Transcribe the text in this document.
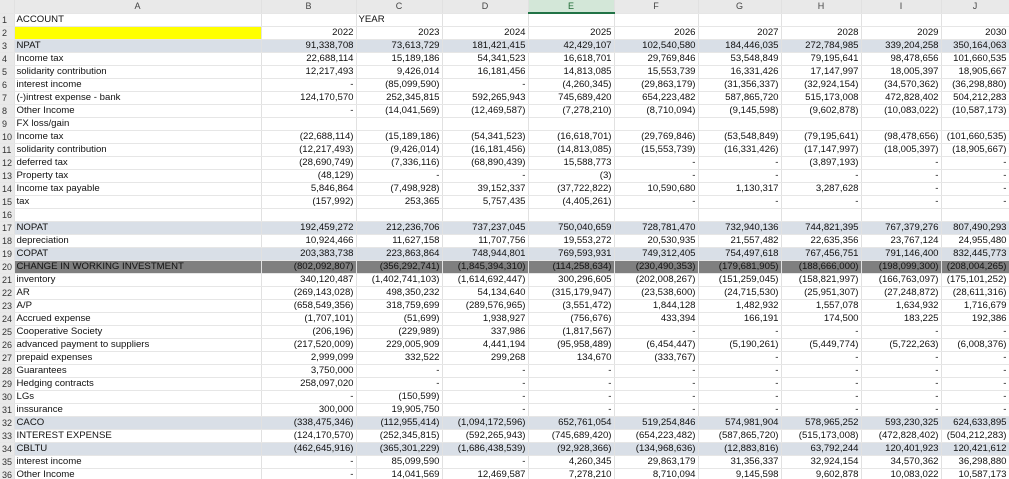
	A	B	C	D	E	F	G	H	I	J
1	ACCOUNT		YEAR							
2		2022	2023	2024	2025	2026	2027	2028	2029	2030
3	NPAT	91,338,708	73,613,729	181,421,415	42,429,107	102,540,580	184,446,035	272,784,985	339,204,258	350,164,063
4	Income tax	22,688,114	15,189,186	54,341,523	16,618,701	29,769,846	53,548,849	79,195,641	98,478,656	101,660,535
5	solidarity contribution	12,217,493	9,426,014	16,181,456	14,813,085	15,553,739	16,331,426	17,147,997	18,005,397	18,905,667
6	interest income	-	(85,099,590)	-	(4,260,345)	(29,863,179)	(31,356,337)	(32,924,154)	(34,570,362)	(36,298,880)
7	(-)intrest expense - bank	124,170,570	252,345,815	592,265,943	745,689,420	654,223,482	587,865,720	515,173,008	472,828,402	504,212,283
8	Other Income	-	(14,041,569)	(12,469,587)	(7,278,210)	(8,710,094)	(9,145,598)	(9,602,878)	(10,083,022)	(10,587,173)
9	FX loss/gain									
10	Income tax	(22,688,114)	(15,189,186)	(54,341,523)	(16,618,701)	(29,769,846)	(53,548,849)	(79,195,641)	(98,478,656)	(101,660,535)
11	solidarity contribution	(12,217,493)	(9,426,014)	(16,181,456)	(14,813,085)	(15,553,739)	(16,331,426)	(17,147,997)	(18,005,397)	(18,905,667)
12	deferred tax	(28,690,749)	(7,336,116)	(68,890,439)	15,588,773	-	-	(3,897,193)	-	-
13	Property tax	(48,129)	-	-	(3)	-	-	-	-	-
14	Income tax payable	5,846,864	(7,498,928)	39,152,337	(37,722,822)	10,590,680	1,130,317	3,287,628	-	-
15	tax	(157,992)	253,365	5,757,435	(4,405,261)	-	-	-	-	-
16										
17	NOPAT	192,459,272	212,236,706	737,237,045	750,040,659	728,781,470	732,940,136	744,821,395	767,379,276	807,490,293
18	depreciation	10,924,466	11,627,158	11,707,756	19,553,272	20,530,935	21,557,482	22,635,356	23,767,124	24,955,480
19	COPAT	203,383,738	223,863,864	748,944,801	769,593,931	749,312,405	754,497,618	767,456,751	791,146,400	832,445,773
20	CHANGE IN WORKING INVESTMENT	(802,092,807)	(356,292,741)	(1,845,394,310)	(114,258,634)	(230,490,353)	(179,681,905)	(188,666,000)	(198,099,300)	(208,004,265)
21	inventory	340,120,487	(1,402,741,103)	(1,614,692,447)	300,296,605	(202,008,267)	(151,259,045)	(158,821,997)	(166,763,097)	(175,101,252)
22	AR	(269,143,028)	498,350,232	54,134,640	(315,179,947)	(23,538,600)	(24,715,530)	(25,951,307)	(27,248,872)	(28,611,316)
23	A/P	(658,549,356)	318,759,699	(289,576,965)	(3,551,472)	1,844,128	1,482,932	1,557,078	1,634,932	1,716,679
24	Accrued expense	(1,707,101)	(51,699)	1,938,927	(756,676)	433,394	166,191	174,500	183,225	192,386
25	Cooperative Society	(206,196)	(229,989)	337,986	(1,817,567)	-	-	-	-	-
26	advanced payment to suppliers	(217,520,009)	229,005,909	4,441,194	(95,958,489)	(6,454,447)	(5,190,261)	(5,449,774)	(5,722,263)	(6,008,376)
27	prepaid expenses	2,999,099	332,522	299,268	134,670	(333,767)	-	-	-	-
28	Guarantees	3,750,000	-	-	-	-	-	-	-	-
29	Hedging contracts	258,097,020	-	-	-	-	-	-	-	-
30	LGs	-	(150,599)	-	-	-	-	-	-	-
31	inssurance	300,000	19,905,750	-	-	-	-	-	-	-
32	CACO	(338,475,346)	(112,955,414)	(1,094,172,596)	652,761,054	519,254,846	574,981,904	578,965,252	593,230,325	624,633,895
33	INTEREST EXPENSE	(124,170,570)	(252,345,815)	(592,265,943)	(745,689,420)	(654,223,482)	(587,865,720)	(515,173,008)	(472,828,402)	(504,212,283)
34	CBLTU	(462,645,916)	(365,301,229)	(1,686,438,539)	(92,928,366)	(134,968,636)	(12,883,816)	63,792,244	120,401,923	120,421,612
35	interest income	-	85,099,590	-	4,260,345	29,863,179	31,356,337	32,924,154	34,570,362	36,298,880
36	Other Income	-	14,041,569	12,469,587	7,278,210	8,710,094	9,145,598	9,602,878	10,083,022	10,587,173
